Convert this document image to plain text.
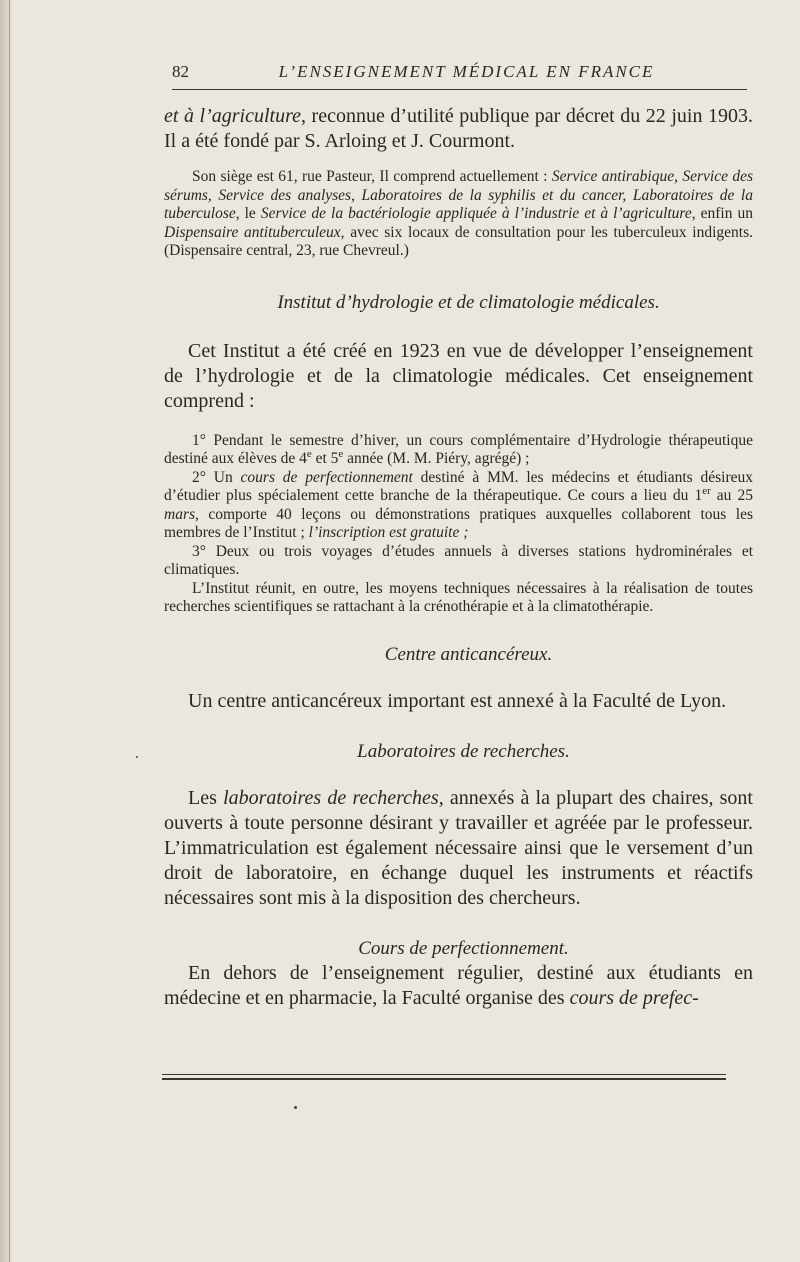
82	L’ENSEIGNEMENT MÉDICAL EN FRANCE

et à l’agriculture, reconnue d’utilité publique par décret du 22 juin 1903. Il a été fondé par S. Arloing et J. Courmont.

Son siège est 61, rue Pasteur, Il comprend actuellement : Service antirabique, Service des sérums, Service des analyses, Laboratoires de la syphilis et du cancer, Laboratoires de la tuberculose, le Service de la bactériologie appliquée à l’industrie et à l’agriculture, enfin un Dispensaire antituberculeux, avec six locaux de consultation pour les tuberculeux indigents. (Dispensaire central, 23, rue Chevreul.)

Institut d’hydrologie et de climatologie médicales.

Cet Institut a été créé en 1923 en vue de développer l’enseignement de l’hydrologie et de la climatologie médicales. Cet enseignement comprend :

1° Pendant le semestre d’hiver, un cours complémentaire d’Hydrologie thérapeutique destiné aux élèves de 4e et 5e année (M. M. Piéry, agrégé) ;

2° Un cours de perfectionnement destiné à MM. les médecins et étudiants désireux d’étudier plus spécialement cette branche de la thérapeutique. Ce cours a lieu du 1er au 25 mars, comporte 40 leçons ou démonstrations pratiques auxquelles collaborent tous les membres de l’Institut ; l’inscription est gratuite ;

3° Deux ou trois voyages d’études annuels à diverses stations hydrominérales et climatiques.

L’Institut réunit, en outre, les moyens techniques nécessaires à la réalisation de toutes recherches scientifiques se rattachant à la crénothérapie et à la climatothérapie.

Centre anticancéreux.

Un centre anticancéreux important est annexé à la Faculté de Lyon.

Laboratoires de recherches.

Les laboratoires de recherches, annexés à la plupart des chaires, sont ouverts à toute personne désirant y travailler et agréée par le professeur. L’immatriculation est également nécessaire ainsi que le versement d’un droit de laboratoire, en échange duquel les instruments et réactifs nécessaires sont mis à la disposition des chercheurs.

Cours de perfectionnement.

En dehors de l’enseignement régulier, destiné aux étudiants en médecine et en pharmacie, la Faculté organise des cours de prefec-
